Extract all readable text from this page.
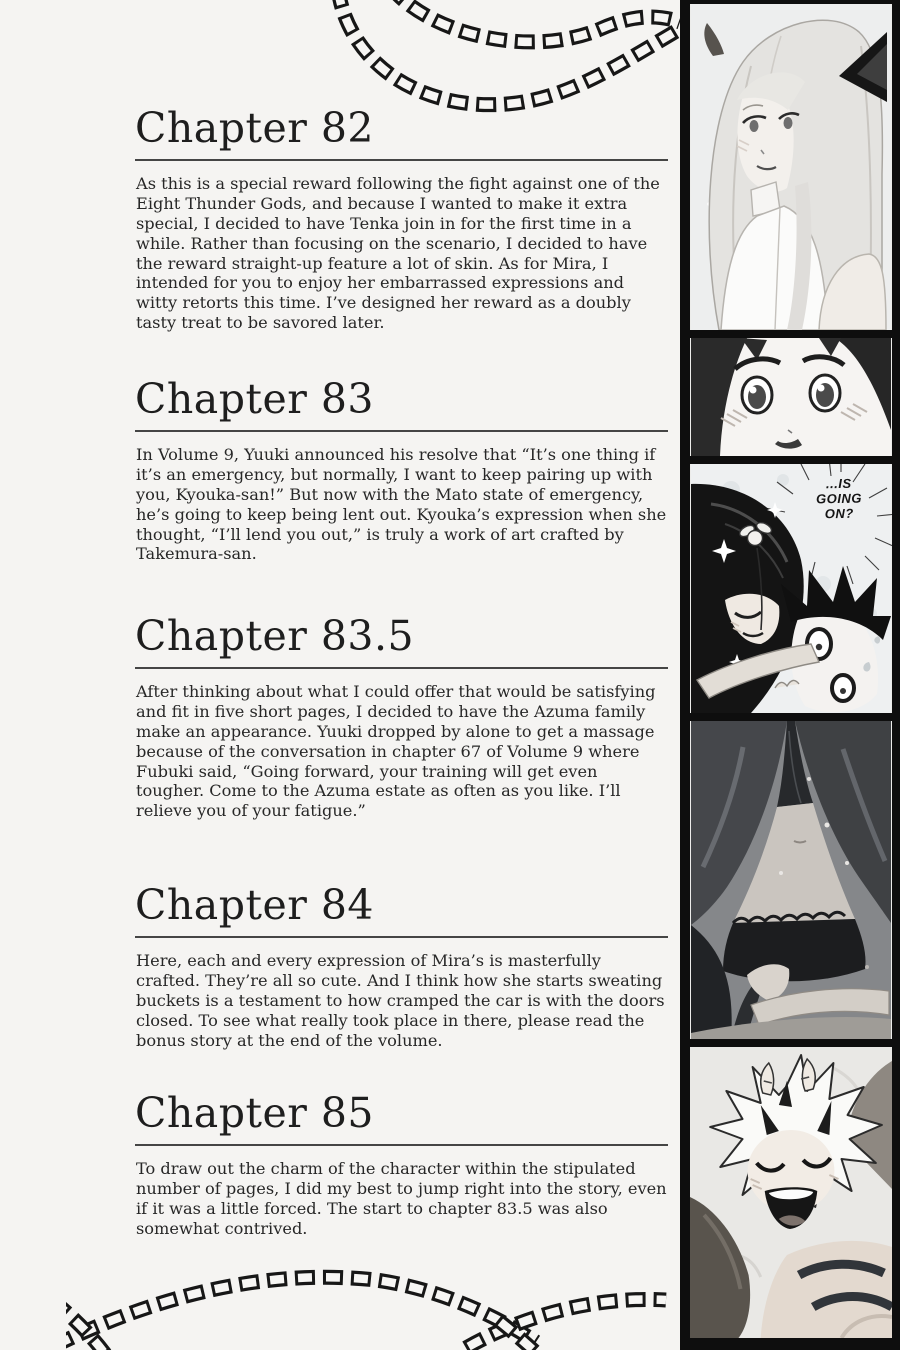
Chapter 82

As this is a special reward following the fight against one of the Eight Thunder Gods, and because I wanted to make it extra special, I decided to have Tenka join in for the first time in a while. Rather than focusing on the scenario, I decided to have the reward straight-up feature a lot of skin. As for Mira, I intended for you to enjoy her embarrassed expressions and witty retorts this time. I’ve designed her reward as a doubly tasty treat to be savored later.

Chapter 83

In Volume 9, Yuuki announced his resolve that “It’s one thing if it’s an emergency, but normally, I want to keep pairing up with you, Kyouka-san!” But now with the Mato state of emergency, he’s going to keep being lent out. Kyouka’s expression when she thought, “I’ll lend you out,” is truly a work of art crafted by Takemura-san.

Chapter 83.5

After thinking about what I could offer that would be satisfying and fit in five short pages, I decided to have the Azuma family make an appearance. Yuuki dropped by alone to get a massage because of the conversation in chapter 67 of Volume 9 where Fubuki said, “Going forward, your training will get even tougher. Come to the Azuma estate as often as you like. I’ll relieve you of your fatigue.”

Chapter 84

Here, each and every expression of Mira’s is masterfully crafted. They’re all so cute. And I think how she starts sweating buckets is a testament to how cramped the car is with the doors closed. To see what really took place in there, please read the bonus story at the end of the volume.

Chapter 85

To draw out the charm of the character within the stipulated number of pages, I did my best to jump right into the story, even if it was a little forced. The start to chapter 83.5 was also somewhat contrived.

...IS
GOING
ON?
